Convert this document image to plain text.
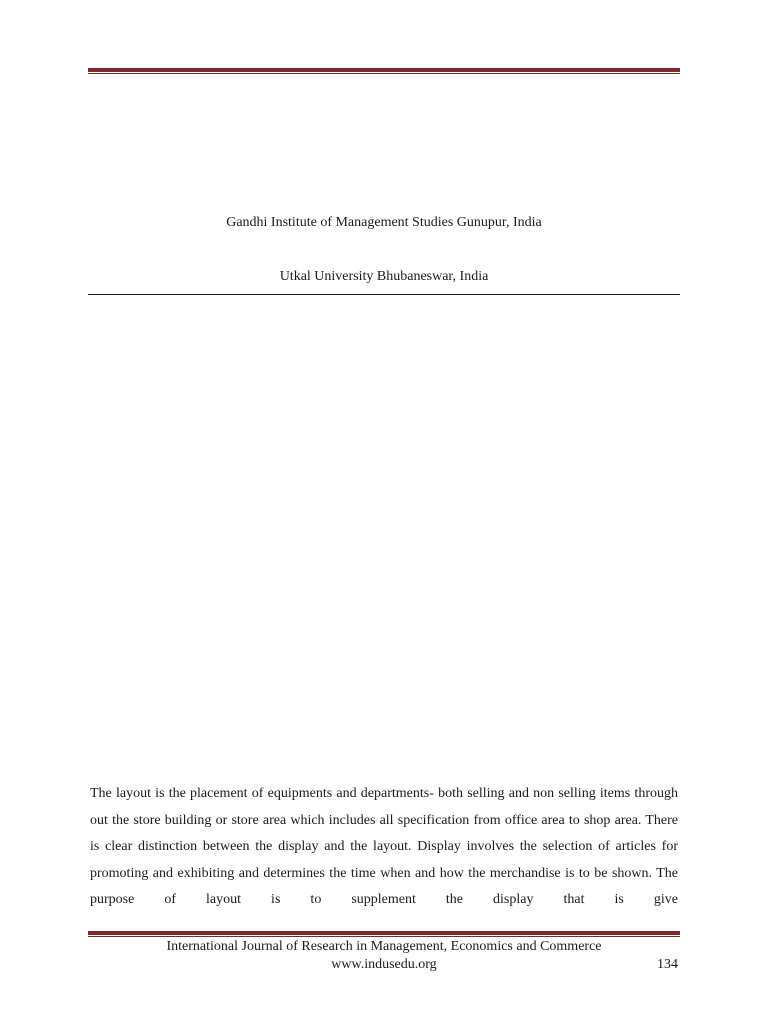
Gandhi Institute of Management Studies Gunupur, India
Utkal University Bhubaneswar, India

The layout is the placement of equipments and departments- both selling and non selling items through out the store building or store area which includes all specification from office area to shop area. There is clear distinction between the display and the layout. Display involves the selection of articles for promoting and exhibiting and determines the time when and how the merchandise is to be shown. The purpose of layout is to supplement the display that is give

International Journal of Research in Management, Economics and Commerce
www.indusedu.org	134
